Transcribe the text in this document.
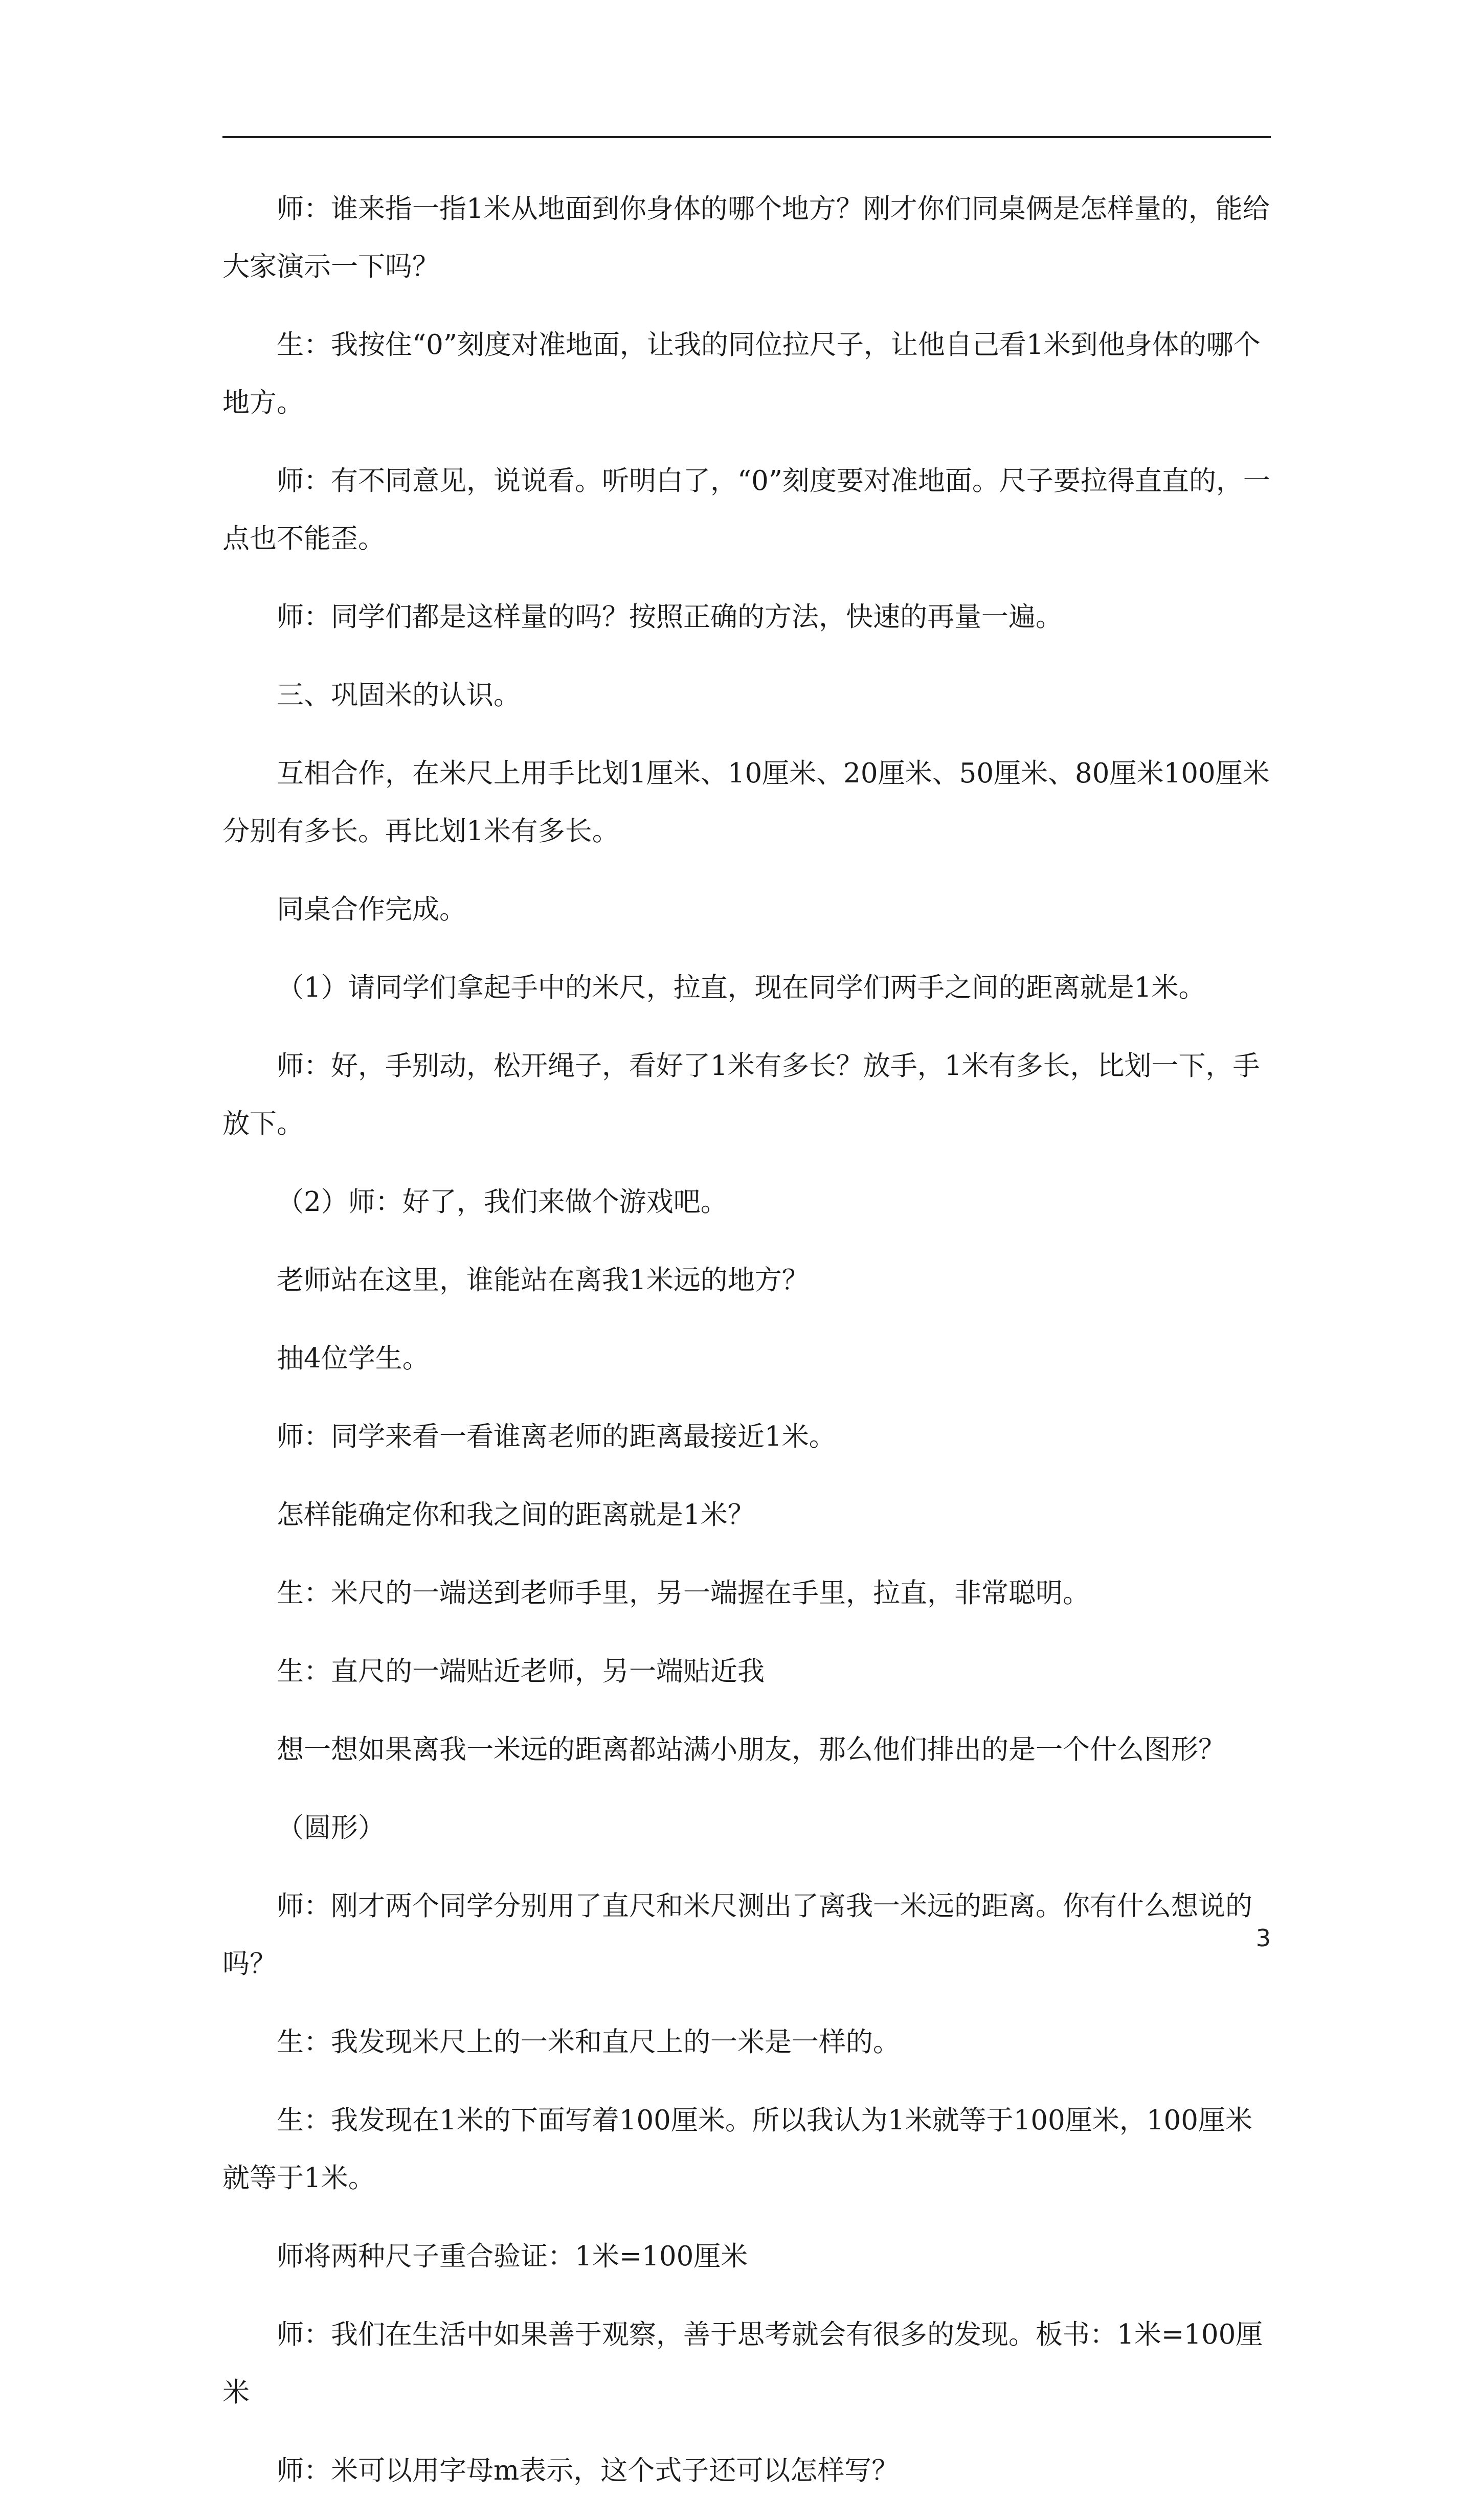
师：谁来指一指1米从地面到你身体的哪个地方？刚才你们同桌俩是怎样量的，能给大家演示一下吗？

生：我按住“0”刻度对准地面，让我的同位拉尺子，让他自己看1米到他身体的哪个地方。

师：有不同意见，说说看。听明白了，“0”刻度要对准地面。尺子要拉得直直的，一点也不能歪。

师：同学们都是这样量的吗？按照正确的方法，快速的再量一遍。

三、巩固米的认识。

互相合作，在米尺上用手比划1厘米、10厘米、20厘米、50厘米、80厘米100厘米分别有多长。再比划1米有多长。

同桌合作完成。

（1）请同学们拿起手中的米尺，拉直，现在同学们两手之间的距离就是1米。

师：好，手别动，松开绳子，看好了1米有多长？放手，1米有多长，比划一下，手放下。

（2）师：好了，我们来做个游戏吧。

老师站在这里，谁能站在离我1米远的地方？

抽4位学生。

师：同学来看一看谁离老师的距离最接近1米。

怎样能确定你和我之间的距离就是1米？

生：米尺的一端送到老师手里，另一端握在手里，拉直，非常聪明。

生：直尺的一端贴近老师，另一端贴近我

想一想如果离我一米远的距离都站满小朋友，那么他们排出的是一个什么图形？

（圆形）

师：刚才两个同学分别用了直尺和米尺测出了离我一米远的距离。你有什么想说的吗？

生：我发现米尺上的一米和直尺上的一米是一样的。

生：我发现在1米的下面写着100厘米。所以我认为1米就等于100厘米，100厘米就等于1米。

师将两种尺子重合验证：1米=100厘米

师：我们在生活中如果善于观察，善于思考就会有很多的发现。板书：1米=100厘米

师：米可以用字母m表示，这个式子还可以怎样写？

3
